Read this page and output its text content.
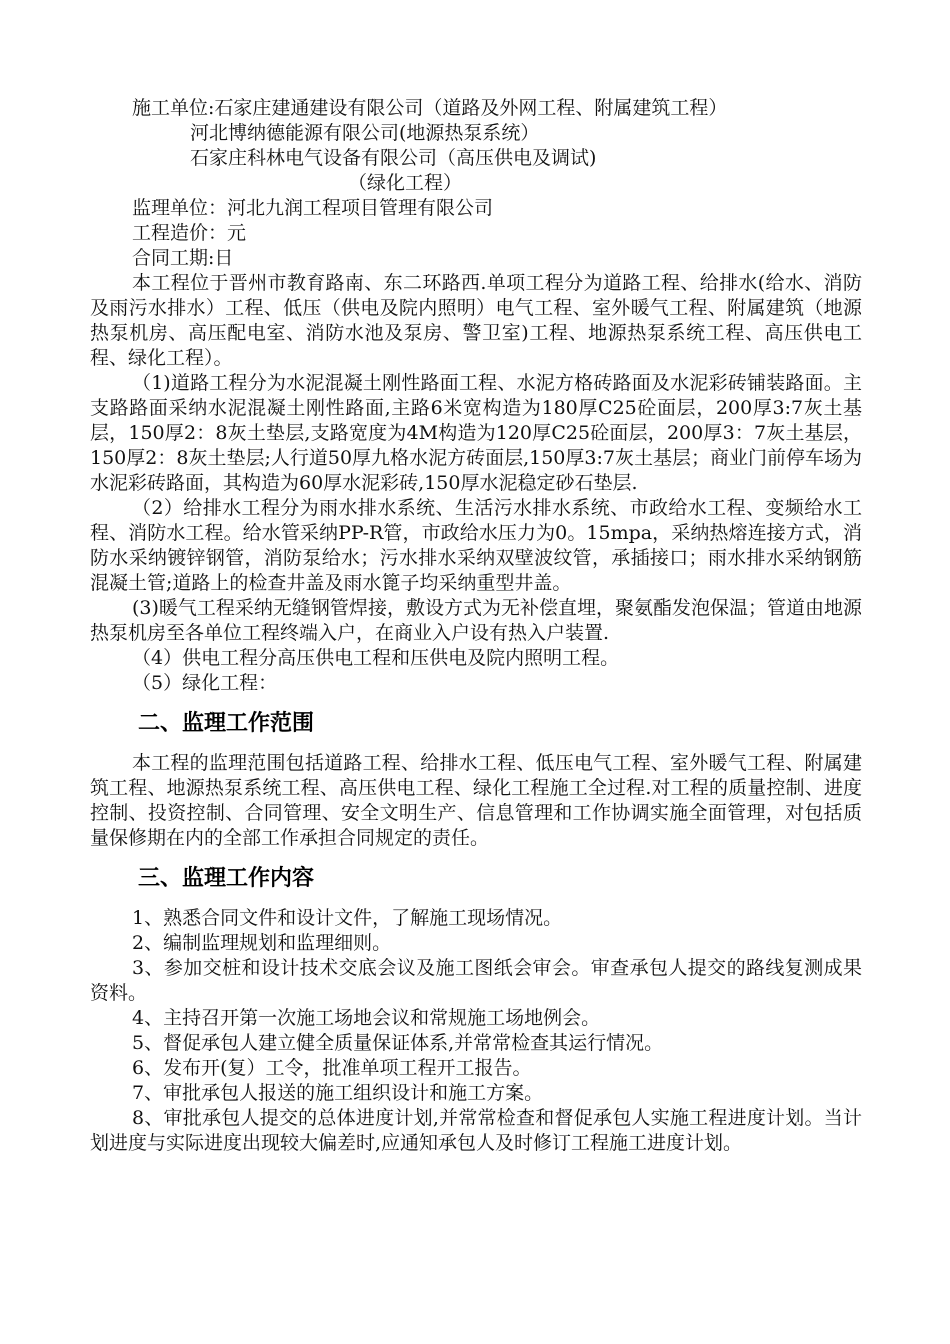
施工单位:石家庄建通建设有限公司（道路及外网工程、附属建筑工程）

河北博纳德能源有限公司(地源热泵系统）

石家庄科林电气设备有限公司（高压供电及调试)

（绿化工程）

监理单位：河北九润工程项目管理有限公司

工程造价：元

合同工期:日

本工程位于晋州市教育路南、东二环路西.单项工程分为道路工程、给排水(给水、消防及雨污水排水）工程、低压（供电及院内照明）电气工程、室外暖气工程、附属建筑（地源热泵机房、高压配电室、消防水池及泵房、警卫室)工程、地源热泵系统工程、高压供电工程、绿化工程）。

（1)道路工程分为水泥混凝土刚性路面工程、水泥方格砖路面及水泥彩砖铺装路面。主支路路面采纳水泥混凝土刚性路面,主路6米宽构造为180厚C25砼面层，200厚3:7灰土基层，150厚2：8灰土垫层,支路宽度为4M构造为120厚C25砼面层，200厚3：7灰土基层，150厚2：8灰土垫层;人行道50厚九格水泥方砖面层,150厚3:7灰土基层；商业门前停车场为水泥彩砖路面，其构造为60厚水泥彩砖,150厚水泥稳定砂石垫层.

（2）给排水工程分为雨水排水系统、生活污水排水系统、市政给水工程、变频给水工程、消防水工程。给水管采纳PP-R管，市政给水压力为0。15mpa，采纳热熔连接方式，消防水采纳镀锌钢管，消防泵给水；污水排水采纳双壁波纹管，承插接口；雨水排水采纳钢筋混凝土管;道路上的检查井盖及雨水篦子均采纳重型井盖。

(3)暖气工程采纳无缝钢管焊接，敷设方式为无补偿直埋，聚氨酯发泡保温；管道由地源热泵机房至各单位工程终端入户，在商业入户设有热入户装置.

（4）供电工程分高压供电工程和压供电及院内照明工程。

（5）绿化工程：

二、监理工作范围

本工程的监理范围包括道路工程、给排水工程、低压电气工程、室外暖气工程、附属建筑工程、地源热泵系统工程、高压供电工程、绿化工程施工全过程.对工程的质量控制、进度控制、投资控制、合同管理、安全文明生产、信息管理和工作协调实施全面管理，对包括质量保修期在内的全部工作承担合同规定的责任。

三、监理工作内容

1、熟悉合同文件和设计文件，了解施工现场情况。

2、编制监理规划和监理细则。

3、参加交桩和设计技术交底会议及施工图纸会审会。审查承包人提交的路线复测成果资料。

4、主持召开第一次施工场地会议和常规施工场地例会。

5、督促承包人建立健全质量保证体系,并常常检查其运行情况。

6、发布开(复）工令，批准单项工程开工报告。

7、审批承包人报送的施工组织设计和施工方案。

8、审批承包人提交的总体进度计划,并常常检查和督促承包人实施工程进度计划。当计划进度与实际进度出现较大偏差时,应通知承包人及时修订工程施工进度计划。
